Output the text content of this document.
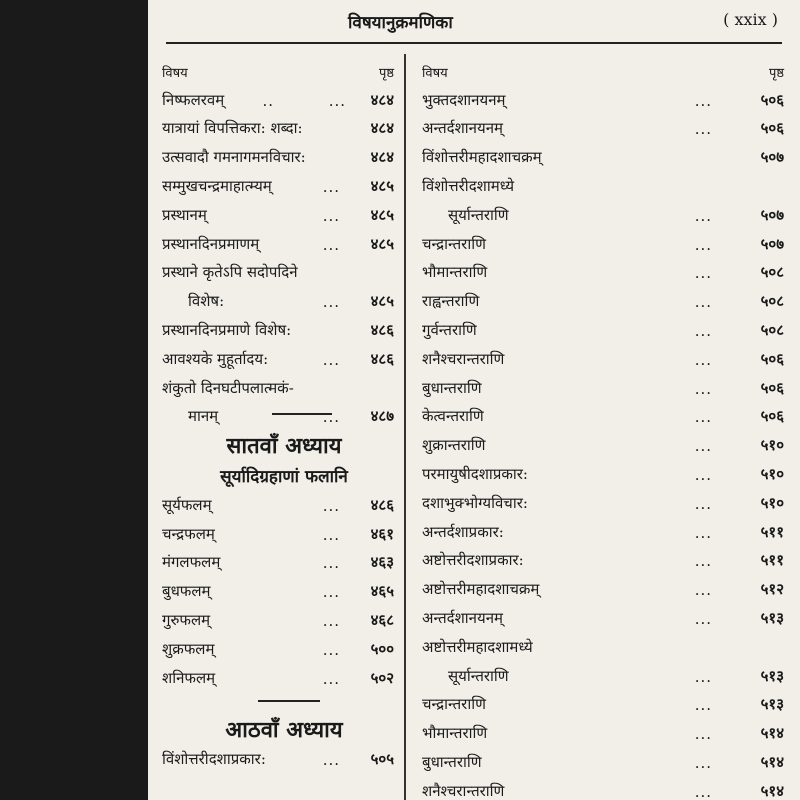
विषयानुक्रमणिका	( xxix )
विषय	पृष्ठ
निष्फलरवम्	..	... ४८४
यात्रायां विपत्तिकरा: शब्दा:	४८४
उत्सवादौ गमनागमनविचार:	४८४
सम्मुखचन्द्रमाहात्म्यम्	... ४८५
प्रस्थानम्	... ४८५
प्रस्थानदिनप्रमाणम्	... ४८५
प्रस्थाने कृतेऽपि सदोपदिने
विशेष:	... ४८५
प्रस्थानदिनप्रमाणे विशेष:	४८६
आवश्यके मुहूर्तादय:	... ४८६
शंकुतो दिनघटीपलात्मकं-
मानम्	... ४८७
सातवाँ अध्याय
सूर्यादिग्रहाणां फलानि
सूर्यफलम्	... ४८६
चन्द्रफलम्	... ४६१
मंगलफलम्	... ४६३
बुधफलम्	... ४६५
गुरुफलम्	... ४६८
शुक्रफलम्	... ५००
शनिफलम्	... ५०२
आठवाँ अध्याय
विंशोत्तरीदशाप्रकार:	... ५०५
विषय	पृष्ठ
भुक्तदशानयनम्	...	५०६
अन्तर्दशानयनम्	...	५०६
विंशोत्तरीमहादशाचक्रम्	५०७
विंशोत्तरीदशामध्ये
सूर्यान्तराणि	...	५०७
चन्द्रान्तराणि	...	५०७
भौमान्तराणि	...	५०८
राह्वन्तराणि	...	५०८
गुर्वन्तराणि	...	५०८
शनैश्चरान्तराणि	...	५०६
बुधान्तराणि	...	५०६
केत्वन्तराणि	...	५०६
शुक्रान्तराणि	...	५१०
परमायुषीदशाप्रकार:	...	५१०
दशाभुक्भोग्यविचार:	...	५१०
अन्तर्दशाप्रकार:	...	५११
अष्टोत्तरीदशाप्रकार:	...	५११
अष्टोत्तरीमहादशाचक्रम्	...	५१२
अन्तर्दशानयनम्	...	५१३
अष्टोत्तरीमहादशामध्ये
सूर्यान्तराणि	...	५१३
चन्द्रान्तराणि	...	५१३
भौमान्तराणि	...	५१४
बुधान्तराणि	...	५१४
शनैश्चरान्तराणि	...	५१४
